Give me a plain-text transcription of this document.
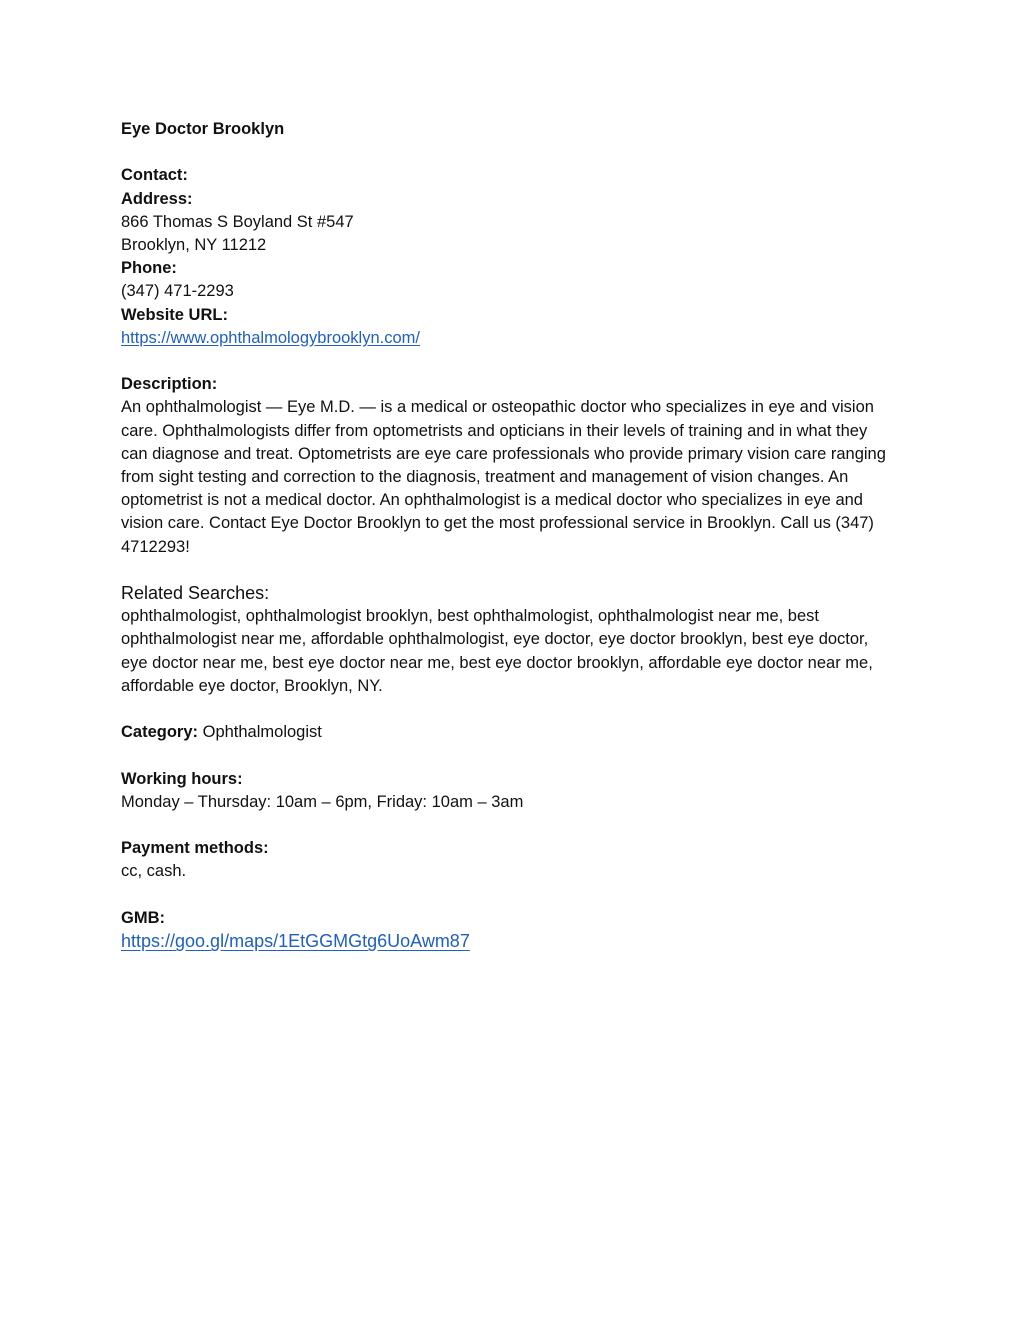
Eye Doctor Brooklyn
Contact:
Address:
866 Thomas S Boyland St #547
Brooklyn, NY 11212
Phone:
(347) 471-2293
Website URL:
https://www.ophthalmologybrooklyn.com/
Description:
An ophthalmologist — Eye M.D. — is a medical or osteopathic doctor who specializes in eye and vision
care. Ophthalmologists differ from optometrists and opticians in their levels of training and in what they
can diagnose and treat. Optometrists are eye care professionals who provide primary vision care ranging
from sight testing and correction to the diagnosis, treatment and management of vision changes. An
optometrist is not a medical doctor. An ophthalmologist is a medical doctor who specializes in eye and
vision care. Contact Eye Doctor Brooklyn to get the most professional service in Brooklyn. Call us (347)
4712293!
Related Searches:
ophthalmologist, ophthalmologist brooklyn, best ophthalmologist, ophthalmologist near me, best
ophthalmologist near me, affordable ophthalmologist, eye doctor, eye doctor brooklyn, best eye doctor,
eye doctor near me, best eye doctor near me, best eye doctor brooklyn, affordable eye doctor near me,
affordable eye doctor, Brooklyn, NY.
Category: Ophthalmologist
Working hours:
Monday – Thursday: 10am – 6pm, Friday: 10am – 3am
Payment methods:
cc, cash.
GMB:
https://goo.gl/maps/1EtGGMGtg6UoAwm87
